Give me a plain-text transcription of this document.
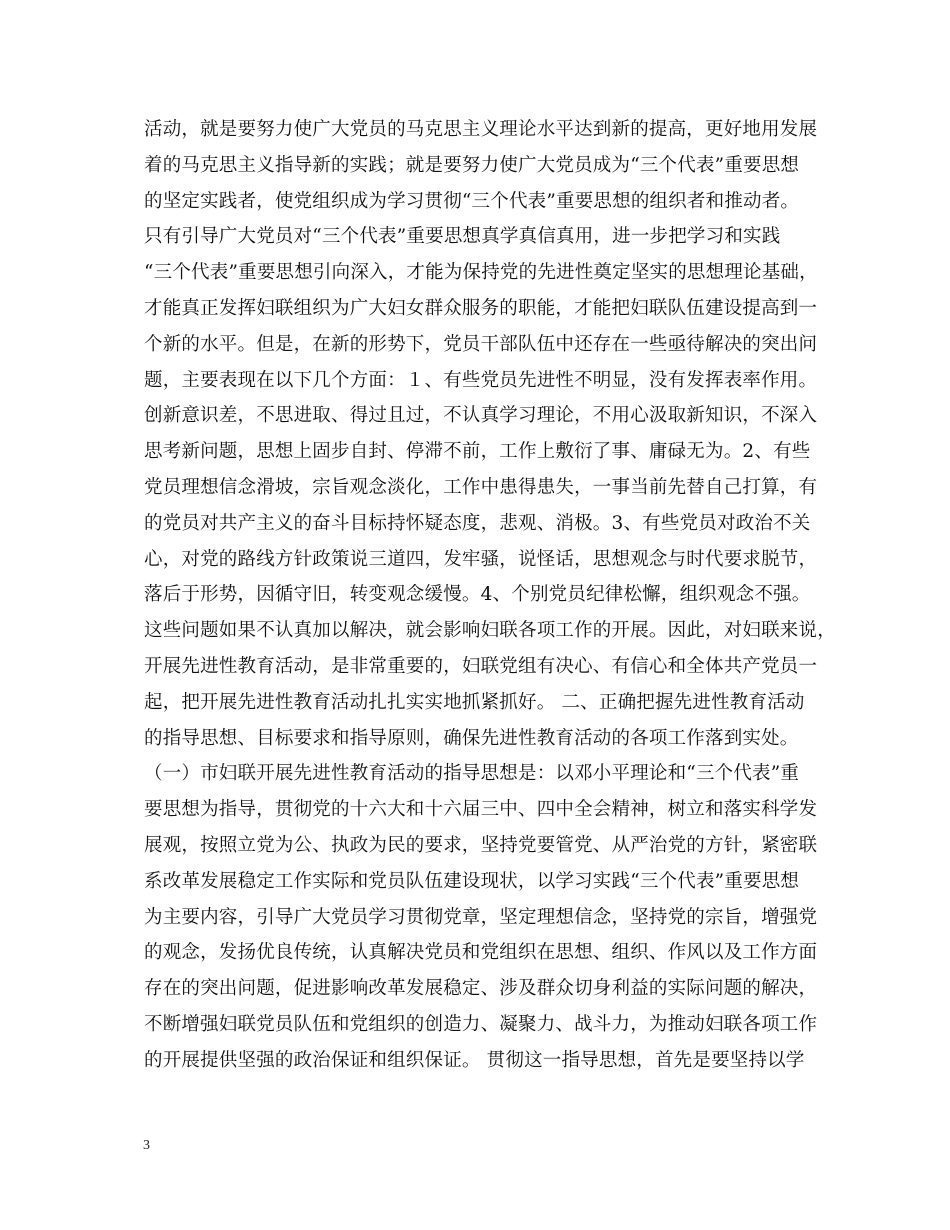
活动，就是要努力使广大党员的马克思主义理论水平达到新的提高，更好地用发展
着的马克思主义指导新的实践；就是要努力使广大党员成为“三个代表”重要思想
的坚定实践者，使党组织成为学习贯彻“三个代表”重要思想的组织者和推动者。
只有引导广大党员对“三个代表”重要思想真学真信真用，进一步把学习和实践
“三个代表”重要思想引向深入，才能为保持党的先进性奠定坚实的思想理论基础，
才能真正发挥妇联组织为广大妇女群众服务的职能，才能把妇联队伍建设提高到一
个新的水平。但是，在新的形势下，党员干部队伍中还存在一些亟待解决的突出问
题，主要表现在以下几个方面：１、有些党员先进性不明显，没有发挥表率作用。
创新意识差，不思进取、得过且过，不认真学习理论，不用心汲取新知识，不深入
思考新问题，思想上固步自封、停滞不前，工作上敷衍了事、庸碌无为。2、有些
党员理想信念滑坡，宗旨观念淡化，工作中患得患失，一事当前先替自己打算，有
的党员对共产主义的奋斗目标持怀疑态度，悲观、消极。3、有些党员对政治不关
心，对党的路线方针政策说三道四，发牢骚，说怪话，思想观念与时代要求脱节，
落后于形势，因循守旧，转变观念缓慢。4、个别党员纪律松懈，组织观念不强。
这些问题如果不认真加以解决，就会影响妇联各项工作的开展。因此，对妇联来说，
开展先进性教育活动，是非常重要的，妇联党组有决心、有信心和全体共产党员一
起，把开展先进性教育活动扎扎实实地抓紧抓好。 二、正确把握先进性教育活动
的指导思想、目标要求和指导原则，确保先进性教育活动的各项工作落到实处。
（一）市妇联开展先进性教育活动的指导思想是：以邓小平理论和“三个代表”重
要思想为指导，贯彻党的十六大和十六届三中、四中全会精神，树立和落实科学发
展观，按照立党为公、执政为民的要求，坚持党要管党、从严治党的方针，紧密联
系改革发展稳定工作实际和党员队伍建设现状，以学习实践“三个代表”重要思想
为主要内容，引导广大党员学习贯彻党章，坚定理想信念，坚持党的宗旨，增强党
的观念，发扬优良传统，认真解决党员和党组织在思想、组织、作风以及工作方面
存在的突出问题，促进影响改革发展稳定、涉及群众切身利益的实际问题的解决，
不断增强妇联党员队伍和党组织的创造力、凝聚力、战斗力，为推动妇联各项工作
的开展提供坚强的政治保证和组织保证。 贯彻这一指导思想，首先是要坚持以学
3
